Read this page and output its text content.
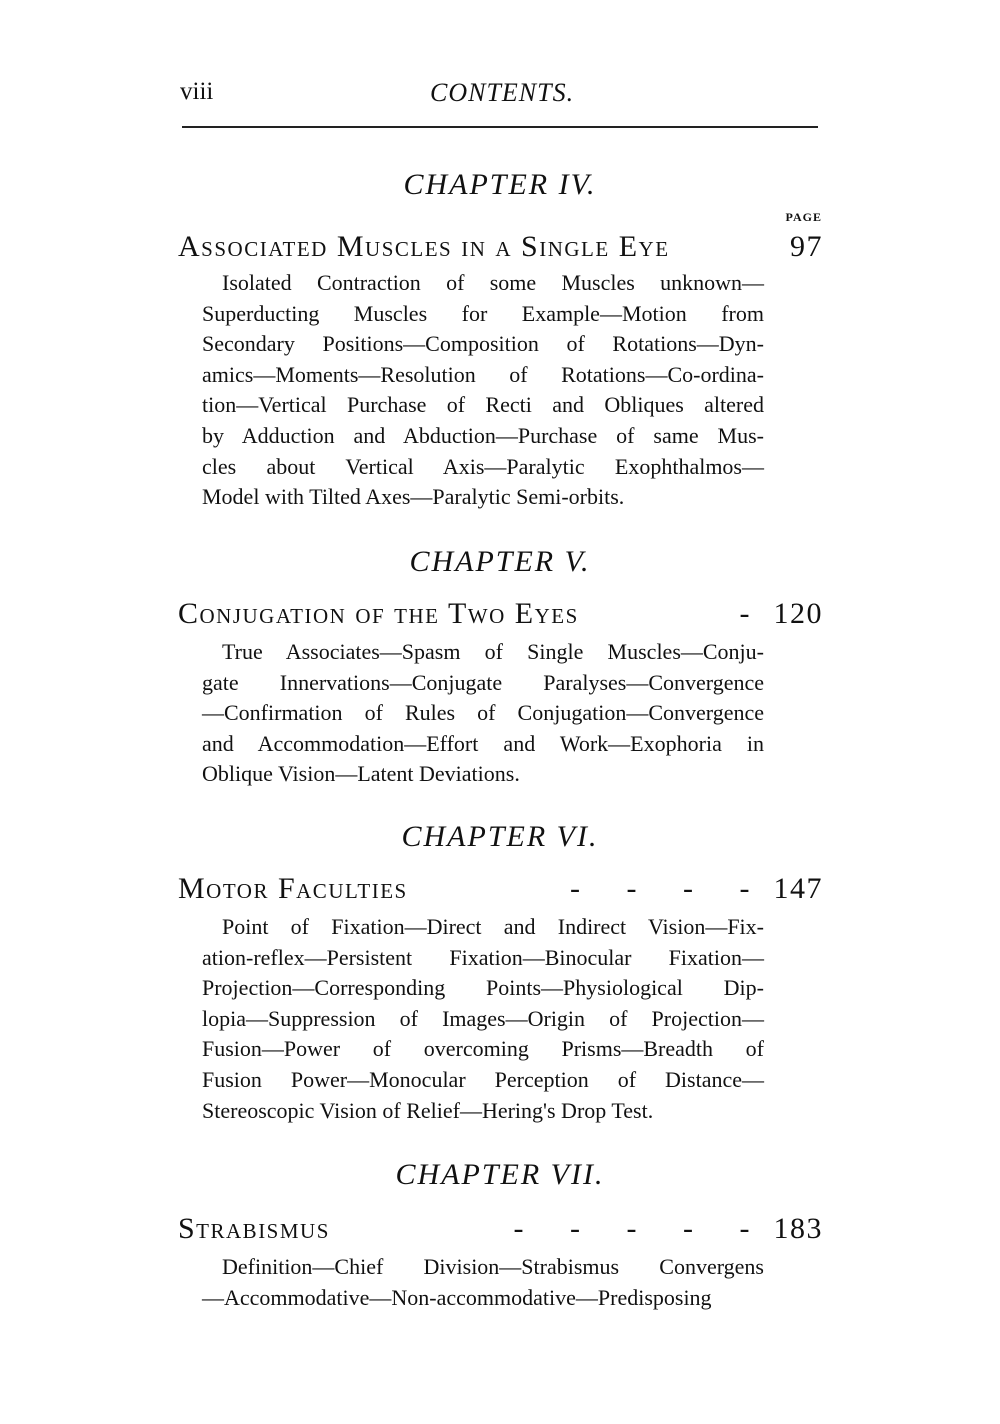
viii	CONTENTS.
CHAPTER IV.
PAGE
Associated Muscles in a Single Eye	97
Isolated Contraction of some Muscles unknown—
Superducting Muscles for Example—Motion from
Secondary Positions—Composition of Rotations—Dyn-
amics—Moments—Resolution of Rotations—Co-ordina-
tion—Vertical Purchase of Recti and Obliques altered
by Adduction and Abduction—Purchase of same Mus-
cles about Vertical Axis—Paralytic Exophthalmos—
Model with Tilted Axes—Paralytic Semi-orbits.
CHAPTER V.
Conjugation of the Two Eyes	- 120
True Associates—Spasm of Single Muscles—Conju-
gate Innervations—Conjugate Paralyses—Convergence
—Confirmation of Rules of Conjugation—Convergence
and Accommodation—Effort and Work—Exophoria in
Oblique Vision—Latent Deviations.
CHAPTER VI.
Motor Faculties	-     -     -     - 147
Point of Fixation—Direct and Indirect Vision—Fix-
ation-reflex—Persistent Fixation—Binocular Fixation—
Projection—Corresponding Points—Physiological Dip-
lopia—Suppression of Images—Origin of Projection—
Fusion—Power of overcoming Prisms—Breadth of
Fusion Power—Monocular Perception of Distance—
Stereoscopic Vision of Relief—Hering's Drop Test.
CHAPTER VII.
Strabismus	-     -     -     -     - 183
Definition—Chief Division—Strabismus Convergens
—Accommodative—Non-accommodative—Predisposing
